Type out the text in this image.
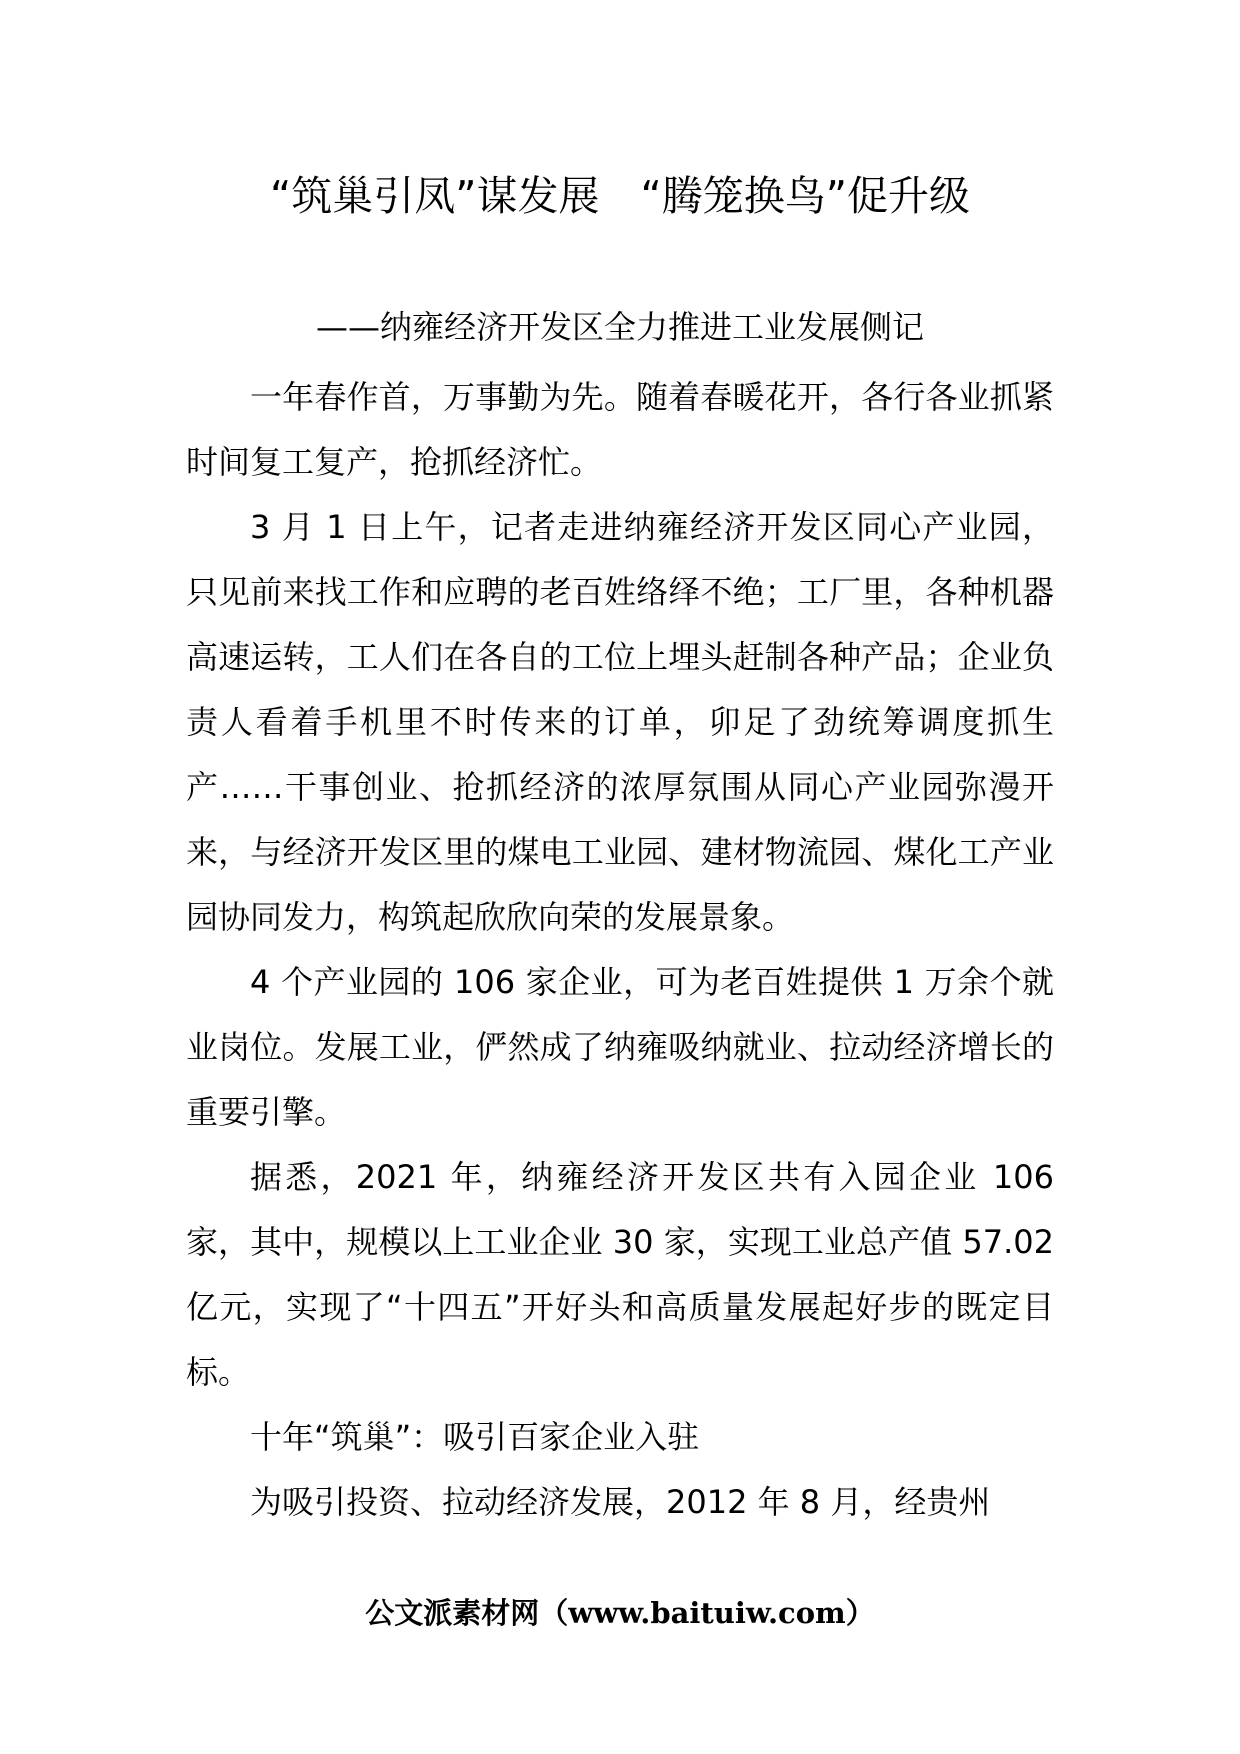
“筑巢引凤”谋发展　“腾笼换鸟”促升级
——纳雍经济开发区全力推进工业发展侧记

一年春作首，万事勤为先。随着春暖花开，各行各业抓紧时间复工复产，抢抓经济忙。

3 月 1 日上午，记者走进纳雍经济开发区同心产业园，只见前来找工作和应聘的老百姓络绎不绝；工厂里，各种机器高速运转，工人们在各自的工位上埋头赶制各种产品；企业负责人看着手机里不时传来的订单，卯足了劲统筹调度抓生产……干事创业、抢抓经济的浓厚氛围从同心产业园弥漫开来，与经济开发区里的煤电工业园、建材物流园、煤化工产业园协同发力，构筑起欣欣向荣的发展景象。

4 个产业园的 106 家企业，可为老百姓提供 1 万余个就业岗位。发展工业，俨然成了纳雍吸纳就业、拉动经济增长的重要引擎。

据悉，2021 年，纳雍经济开发区共有入园企业 106 家，其中，规模以上工业企业 30 家，实现工业总产值 57.02 亿元，实现了“十四五”开好头和高质量发展起好步的既定目标。

十年“筑巢”：吸引百家企业入驻

为吸引投资、拉动经济发展，2012 年 8 月，经贵州

公文派素材网（www.baituiw.com）
